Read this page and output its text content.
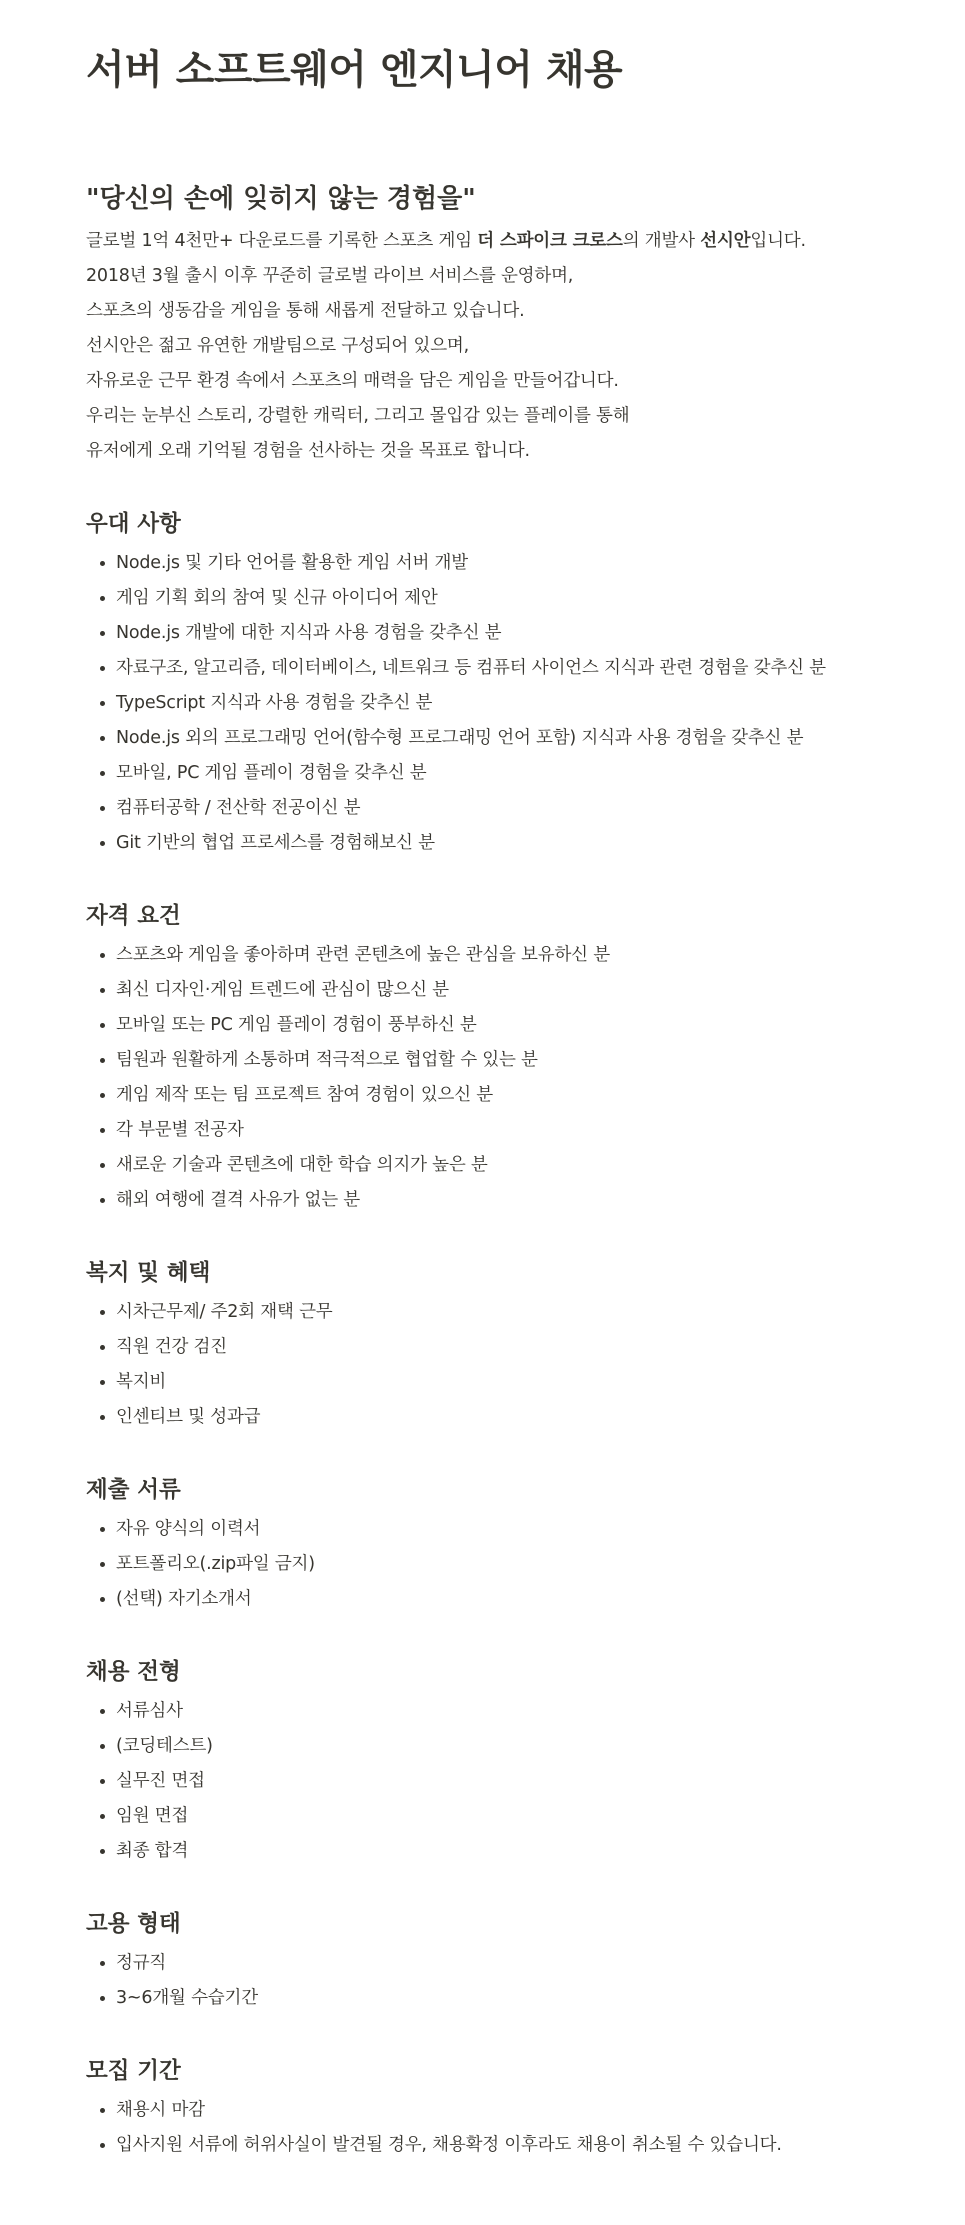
서버 소프트웨어 엔지니어 채용
"당신의 손에 잊히지 않는 경험을"

글로벌 1억 4천만+ 다운로드를 기록한 스포츠 게임 더 스파이크 크로스의 개발사 선시안입니다.

2018년 3월 출시 이후 꾸준히 글로벌 라이브 서비스를 운영하며,

스포츠의 생동감을 게임을 통해 새롭게 전달하고 있습니다.

선시안은 젊고 유연한 개발팀으로 구성되어 있으며,

자유로운 근무 환경 속에서 스포츠의 매력을 담은 게임을 만들어갑니다.

우리는 눈부신 스토리, 강렬한 캐릭터, 그리고 몰입감 있는 플레이를 통해

유저에게 오래 기억될 경험을 선사하는 것을 목표로 합니다.

우대 사항
Node.js 및 기타 언어를 활용한 게임 서버 개발
게임 기획 회의 참여 및 신규 아이디어 제안
Node.js 개발에 대한 지식과 사용 경험을 갖추신 분
자료구조, 알고리즘, 데이터베이스, 네트워크 등 컴퓨터 사이언스 지식과 관련 경험을 갖추신 분
TypeScript 지식과 사용 경험을 갖추신 분
Node.js 외의 프로그래밍 언어(함수형 프로그래밍 언어 포함) 지식과 사용 경험을 갖추신 분
모바일, PC 게임 플레이 경험을 갖추신 분
컴퓨터공학 / 전산학 전공이신 분
Git 기반의 협업 프로세스를 경험해보신 분
자격 요건
스포츠와 게임을 좋아하며 관련 콘텐츠에 높은 관심을 보유하신 분
최신 디자인·게임 트렌드에 관심이 많으신 분
모바일 또는 PC 게임 플레이 경험이 풍부하신 분
팀원과 원활하게 소통하며 적극적으로 협업할 수 있는 분
게임 제작 또는 팀 프로젝트 참여 경험이 있으신 분
각 부문별 전공자
새로운 기술과 콘텐츠에 대한 학습 의지가 높은 분
해외 여행에 결격 사유가 없는 분
복지 및 혜택
시차근무제/ 주2회 재택 근무
직원 건강 검진
복지비
인센티브 및 성과급
제출 서류
자유 양식의 이력서
포트폴리오(.zip파일 금지)
(선택) 자기소개서
채용 전형
서류심사
(코딩테스트)
실무진 면접
임원 면접
최종 합격
고용 형태
정규직
3~6개월 수습기간
모집 기간
채용시 마감
입사지원 서류에 허위사실이 발견될 경우, 채용확정 이후라도 채용이 취소될 수 있습니다.
